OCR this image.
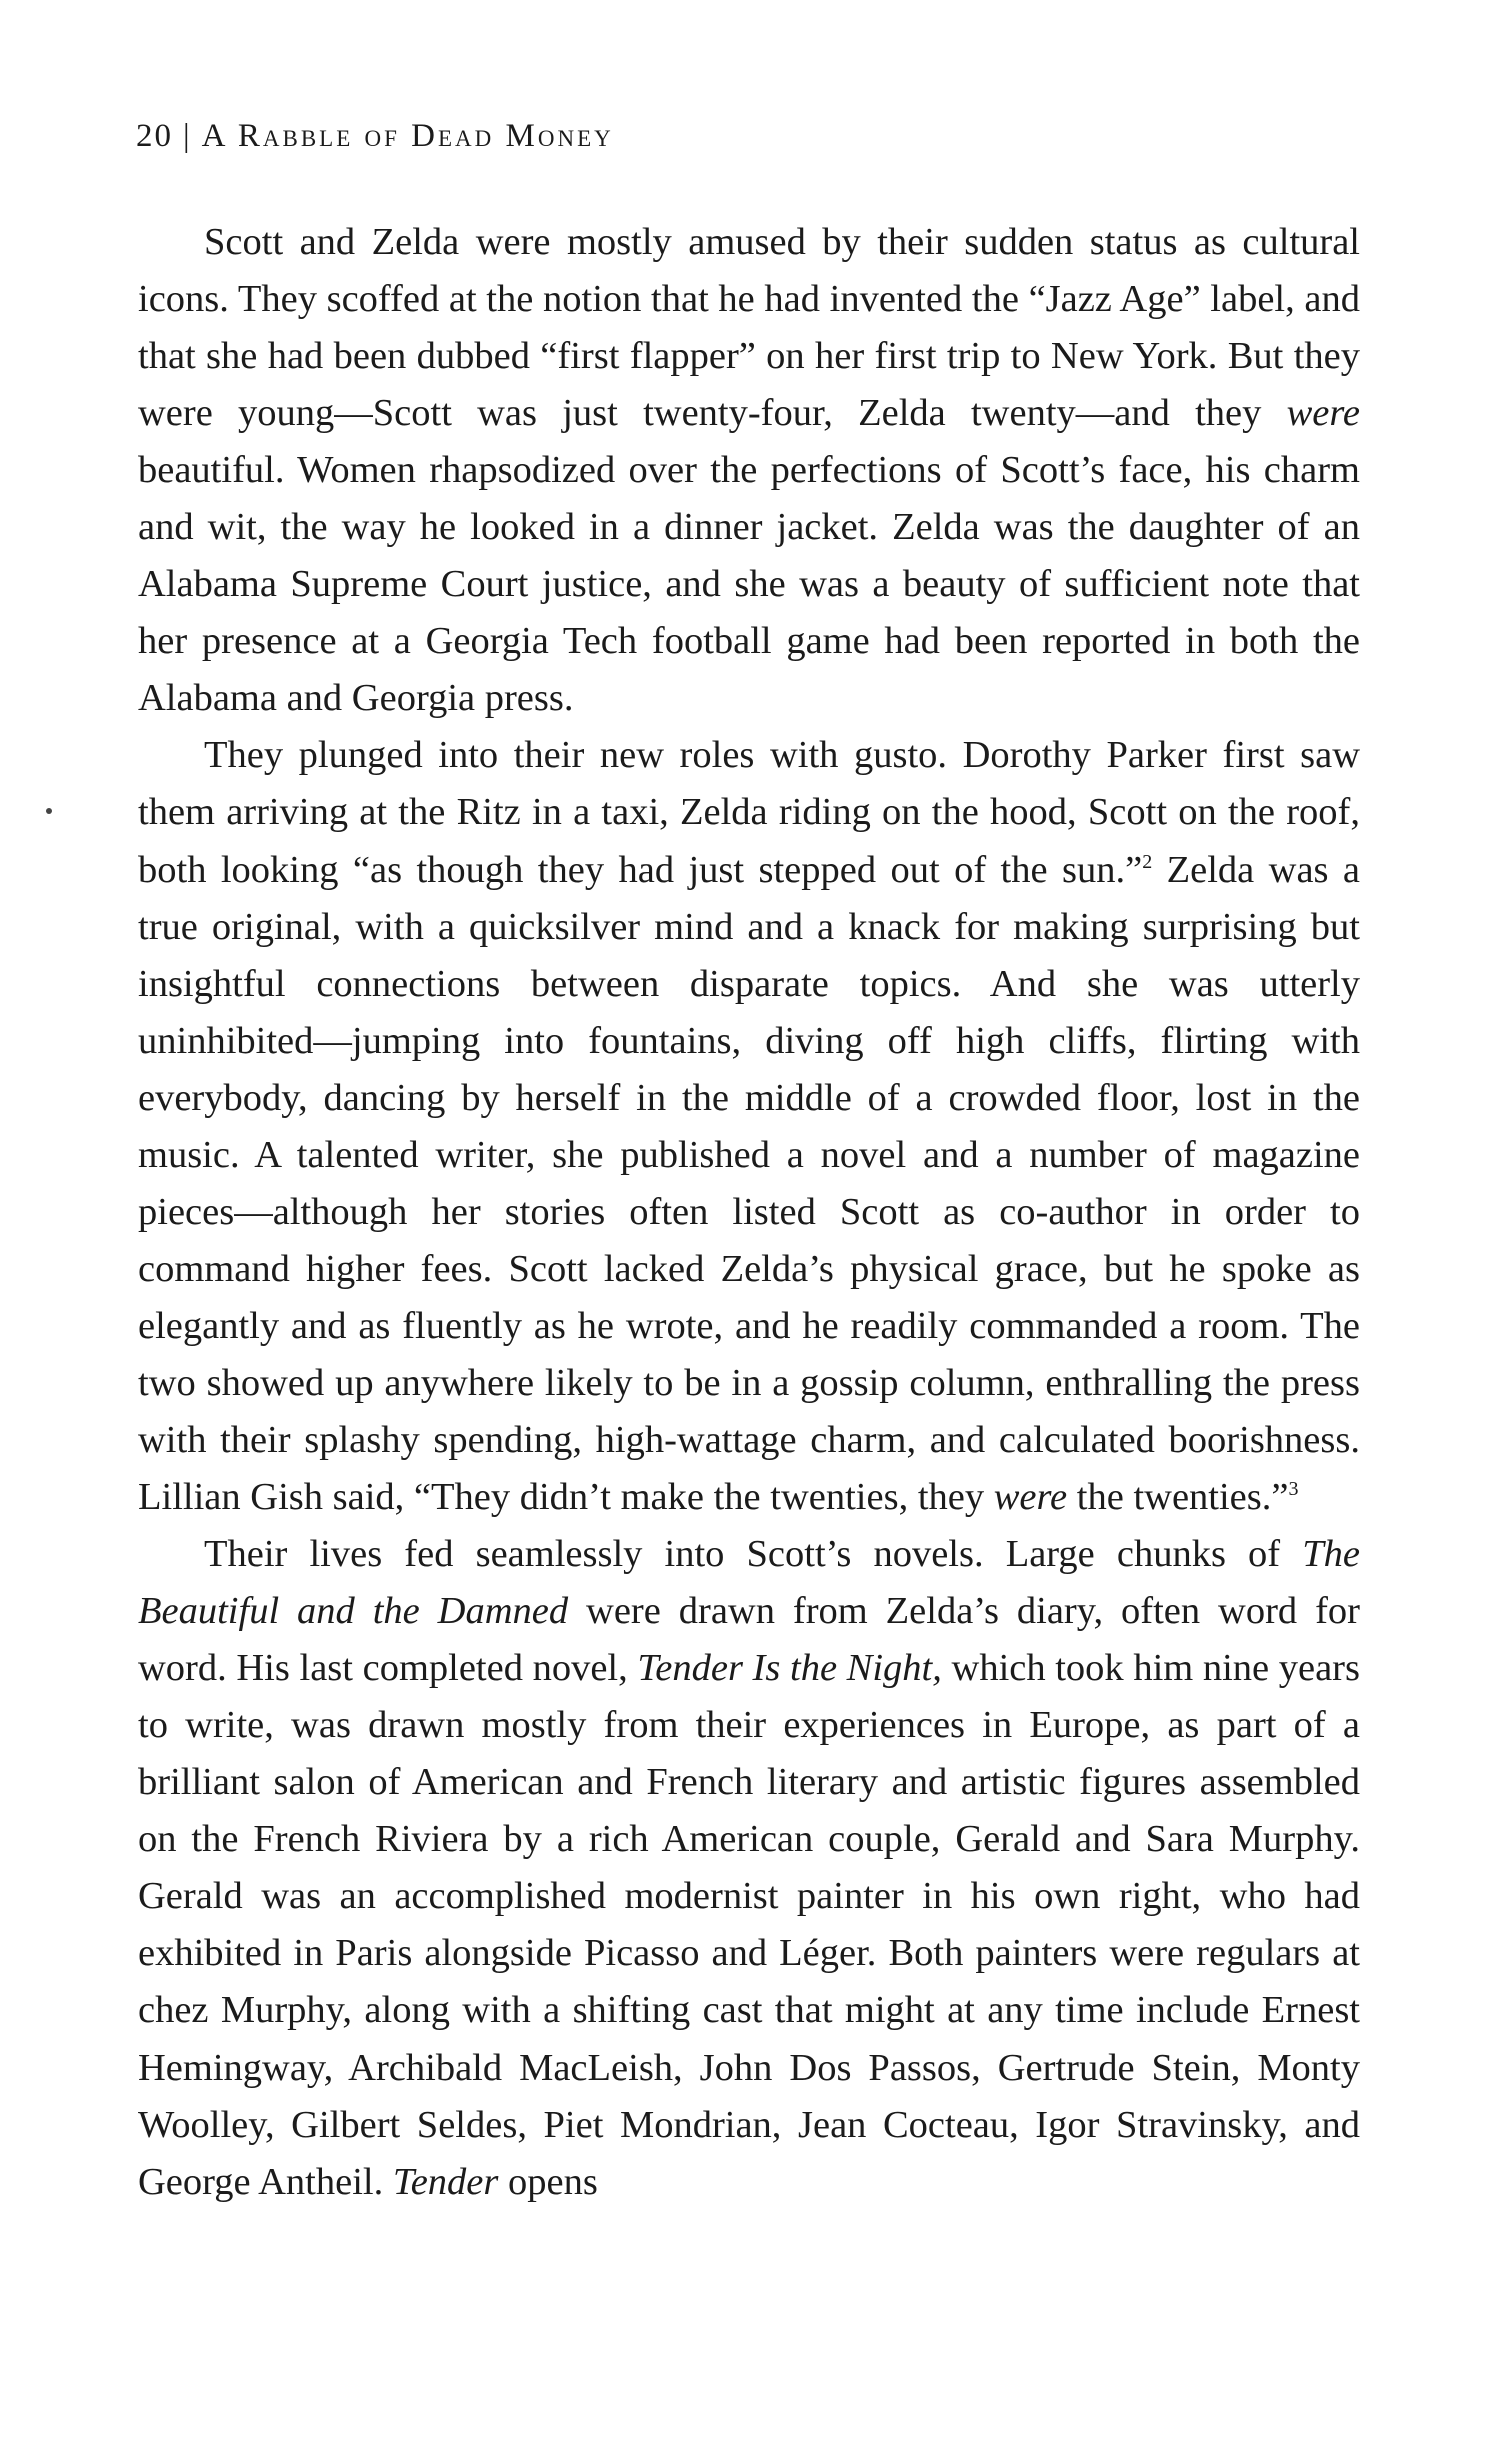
20 | A Rabble of Dead Money

Scott and Zelda were mostly amused by their sudden status as cultural icons. They scoffed at the notion that he had invented the “Jazz Age” label, and that she had been dubbed “first flapper” on her first trip to New York. But they were young—Scott was just twenty-four, Zelda twenty—and they were beautiful. Women rhapsodized over the perfections of Scott’s face, his charm and wit, the way he looked in a dinner jacket. Zelda was the daughter of an Alabama Supreme Court justice, and she was a beauty of sufficient note that her presence at a Georgia Tech football game had been reported in both the Alabama and Georgia press.

They plunged into their new roles with gusto. Dorothy Parker first saw them arriving at the Ritz in a taxi, Zelda riding on the hood, Scott on the roof, both looking “as though they had just stepped out of the sun.”$^2$ Zelda was a true original, with a quicksilver mind and a knack for making surprising but insightful connections between disparate topics. And she was utterly uninhibited—jumping into fountains, diving off high cliffs, flirting with everybody, dancing by herself in the middle of a crowded floor, lost in the music. A talented writer, she published a novel and a number of magazine pieces—although her stories often listed Scott as co-author in order to command higher fees. Scott lacked Zelda’s physical grace, but he spoke as elegantly and as fluently as he wrote, and he readily commanded a room. The two showed up anywhere likely to be in a gossip column, enthralling the press with their splashy spending, high-wattage charm, and calculated boorishness. Lillian Gish said, “They didn’t make the twenties, they were the twenties.”$^3$

Their lives fed seamlessly into Scott’s novels. Large chunks of The Beautiful and the Damned were drawn from Zelda’s diary, often word for word. His last completed novel, Tender Is the Night, which took him nine years to write, was drawn mostly from their experiences in Europe, as part of a brilliant salon of American and French literary and artistic figures assembled on the French Riviera by a rich American couple, Gerald and Sara Murphy. Gerald was an accomplished modernist painter in his own right, who had exhibited in Paris alongside Picasso and Léger. Both painters were regulars at chez Murphy, along with a shifting cast that might at any time include Ernest Hemingway, Archibald MacLeish, John Dos Passos, Gertrude Stein, Monty Woolley, Gilbert Seldes, Piet Mondrian, Jean Cocteau, Igor Stravinsky, and George Antheil. Tender opens
